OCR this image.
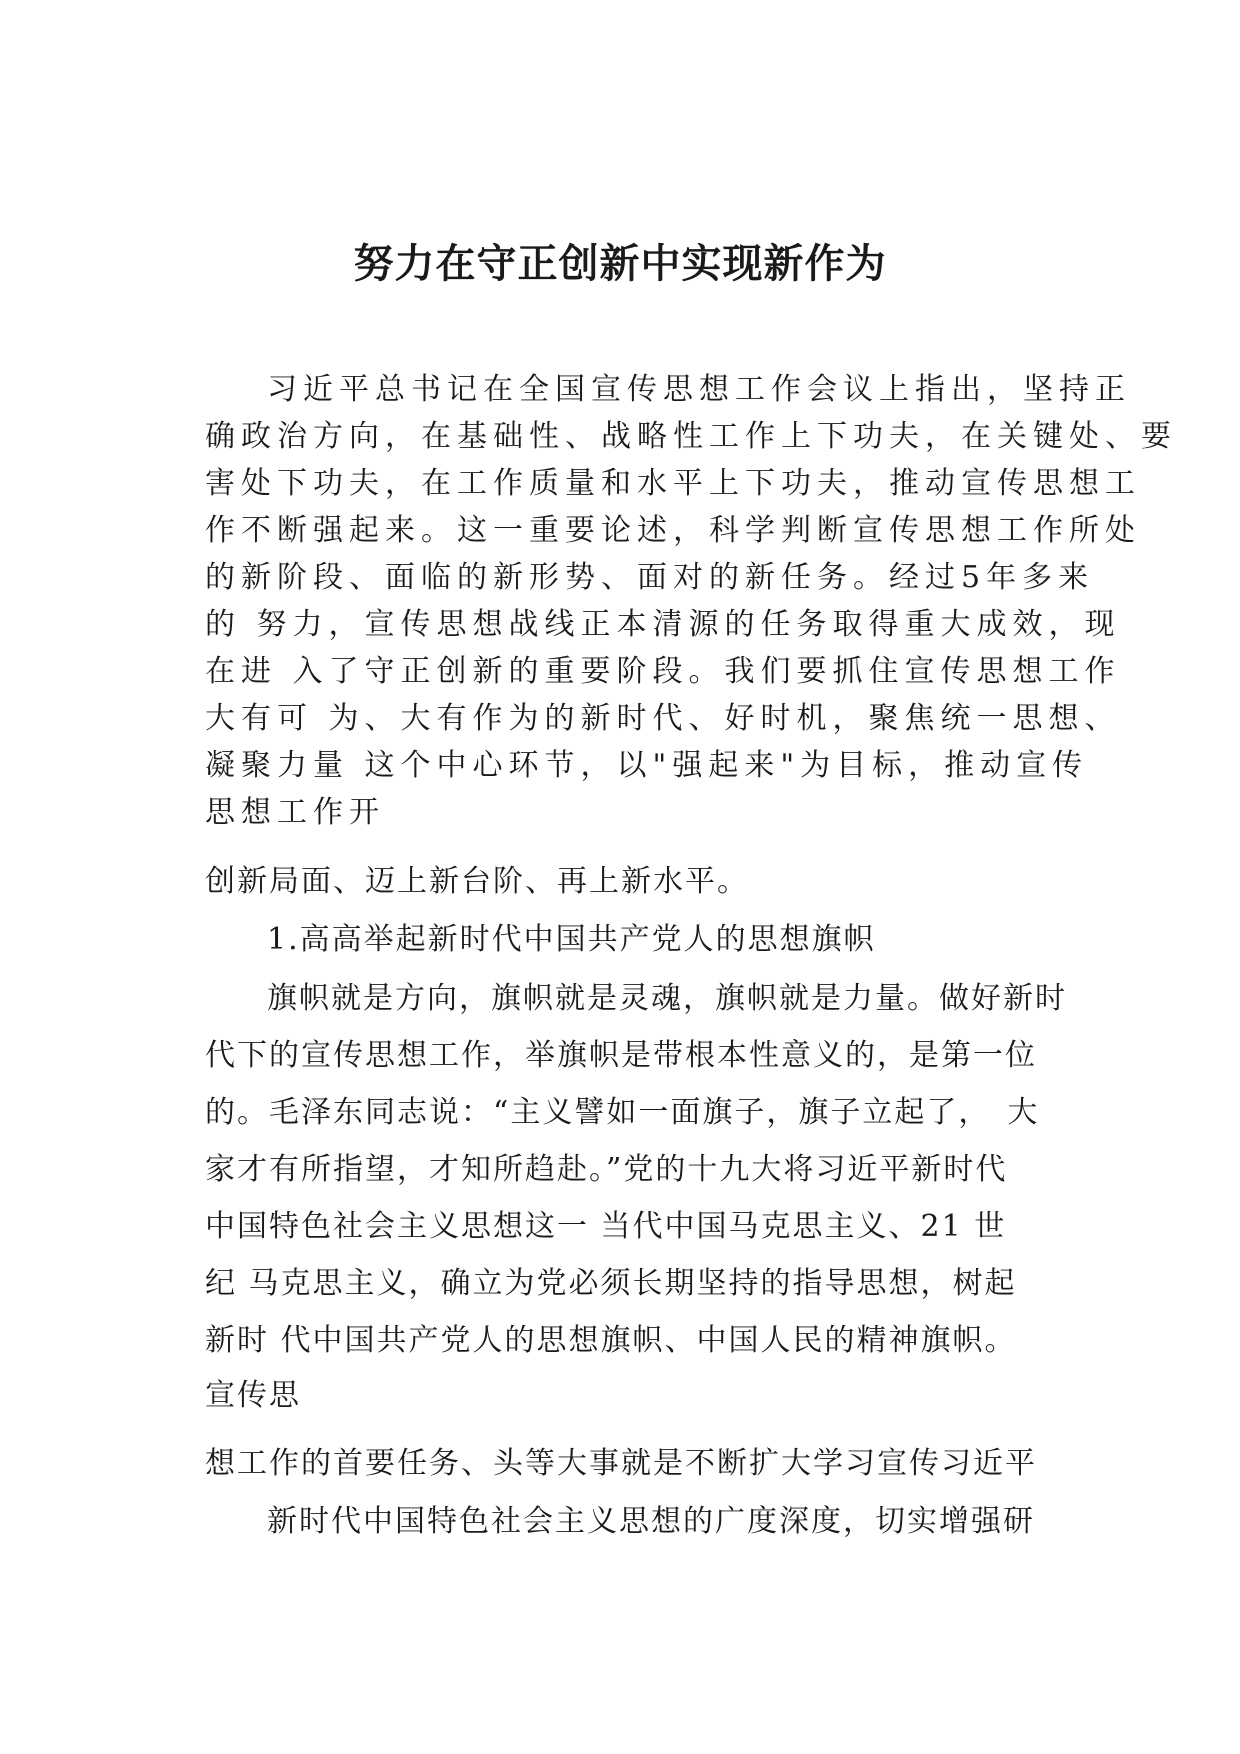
努力在守正创新中实现新作为

习近平总书记在全国宣传思想工作会议上指出，坚持正

确政治方向，在基础性、战略性工作上下功夫，在关键处、要

害处下功夫，在工作质量和水平上下功夫，推动宣传思想工

作不断强起来。这一重要论述，科学判断宣传思想工作所处

的新阶段、面临的新形势、面对的新任务。经过5年多来

的 努力，宣传思想战线正本清源的任务取得重大成效，现

在进 入了守正创新的重要阶段。我们要抓住宣传思想工作

大有可 为、大有作为的新时代、好时机，聚焦统一思想、

凝聚力量 这个中心环节，以"强起来"为目标，推动宣传

思想工作开

创新局面、迈上新台阶、再上新水平。

1.高高举起新时代中国共产党人的思想旗帜

旗帜就是方向，旗帜就是灵魂，旗帜就是力量。做好新时

代下的宣传思想工作，举旗帜是带根本性意义的，是第一位

的。毛泽东同志说：“主义譬如一面旗子，旗子立起了，　大

家才有所指望，才知所趋赴。”党的十九大将习近平新时代

中国特色社会主义思想这一 当代中国马克思主义、21 世

纪 马克思主义，确立为党必须长期坚持的指导思想，树起

新时 代中国共产党人的思想旗帜、中国人民的精神旗帜。

宣传思

想工作的首要任务、头等大事就是不断扩大学习宣传习近平

新时代中国特色社会主义思想的广度深度，切实增强研
